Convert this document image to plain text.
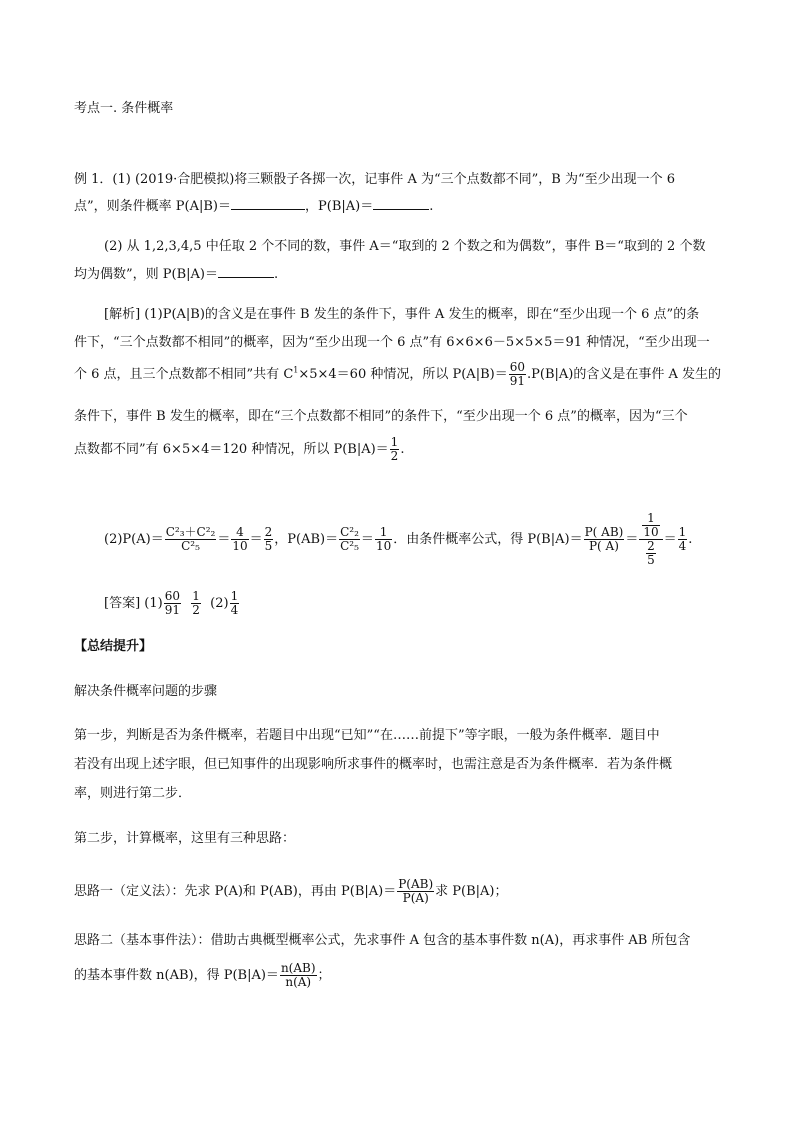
考点一. 条件概率
例 1．(1) (2019·合肥模拟)将三颗骰子各掷一次，记事件 A 为“三个点数都不同”，B 为“至少出现一个 6
点”，则条件概率 P(A|B)＝	，P(B|A)＝	.
(2) 从 1,2,3,4,5 中任取 2 个不同的数，事件 A＝“取到的 2 个数之和为偶数”，事件 B＝“取到的 2 个数
均为偶数”，则 P(B|A)＝	.
[解析] (1)P(A|B)的含义是在事件 B 发生的条件下，事件 A 发生的概率，即在“至少出现一个 6 点”的条
件下，“三个点数都不相同”的概率，因为“至少出现一个 6 点”有 6×6×6－5×5×5＝91 种情况，“至少出现一
个 6 点，且三个点数都不相同”共有 $C^1\times 5\times 4=60$ 种情况，所以 $P(A|B)= \frac{60}{91} .P(B|A)$的含义是在事件 A 发生的
条件下，事件 B 发生的概率，即在“三个点数都不相同”的条件下，“至少出现一个 6 点”的概率，因为“三个
点数都不同”有 6×5×4＝120 种情况，所以 $P(B|A)= \frac{1}{2}$ .
$(2)P(A)= \frac{\text{C²₃＋C²₂}}{\text{C²₅}} = \frac{4}{10} = \frac{2}{5}$ ，$P(AB)= \frac{\text{C²₂}}{\text{C²₅}} = \frac{1}{10}$ ．由条件概率公式，得 $P(B|A)= \frac{P( AB)}{P( A)} = \frac{\frac{1}{10}}{\frac{2}{5}} = \frac{1}{4}$ .
[答案] $(1) \frac{60}{91}$
$\frac{1}{2} (2) \frac{1}{4}$
【总结提升】
解决条件概率问题的步骤
第一步，判断是否为条件概率，若题目中出现“已知”“在……前提下”等字眼，一般为条件概率．题目中
若没有出现上述字眼，但已知事件的出现影响所求事件的概率时，也需注意是否为条件概率．若为条件概
率，则进行第二步．
第二步，计算概率，这里有三种思路：
思路一（定义法）：先求 P(A)和 P(AB)，再由 $P(B|A)= \frac{P(AB)}{P(A)}$ 求 P(B|A)；
思路二（基本事件法）：借助古典概型概率公式，先求事件 A 包含的基本事件数 n(A)，再求事件 AB 所包含
的基本事件数 n(AB)，得 $P(B|A)= \frac{n(AB)}{n(A)}$ ；
